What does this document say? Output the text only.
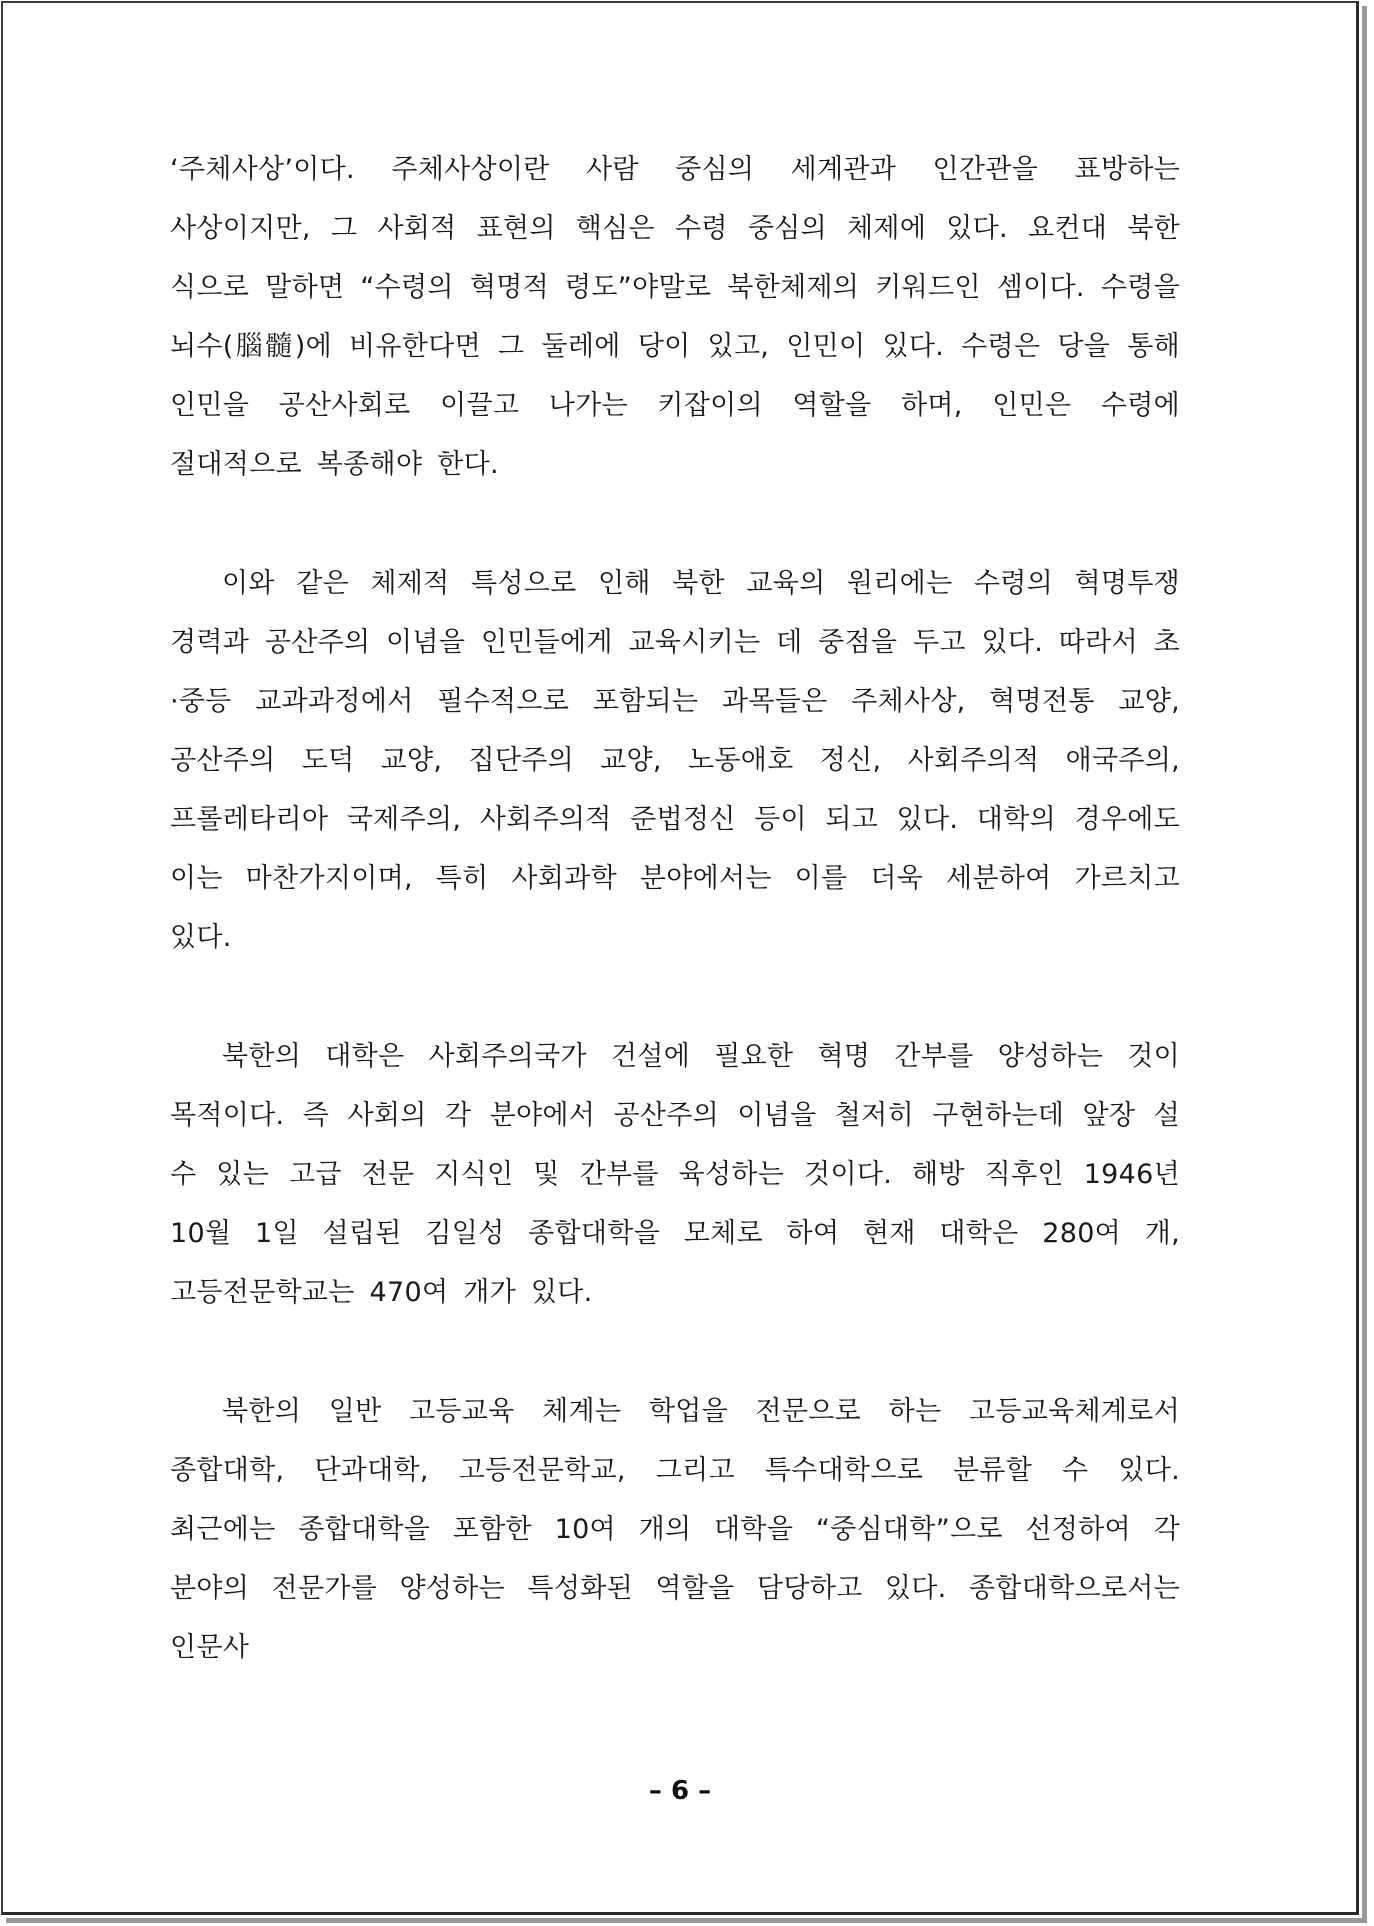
‘주체사상’이다. 주체사상이란 사람 중심의 세계관과 인간관을 표방하는 사상이지만, 그 사회적 표현의 핵심은 수령 중심의 체제에 있다. 요컨대 북한 식으로 말하면 “수령의 혁명적 령도”야말로 북한체제의 키워드인 셈이다. 수령을 뇌수(腦髓)에 비유한다면 그 둘레에 당이 있고, 인민이 있다. 수령은 당을 통해 인민을 공산사회로 이끌고 나가는 키잡이의 역할을 하며, 인민은 수령에 절대적으로 복종해야 한다.

이와 같은 체제적 특성으로 인해 북한 교육의 원리에는 수령의 혁명투쟁 경력과 공산주의 이념을 인민들에게 교육시키는 데 중점을 두고 있다. 따라서 초·중등 교과과정에서 필수적으로 포함되는 과목들은 주체사상, 혁명전통 교양, 공산주의 도덕 교양, 집단주의 교양, 노동애호 정신, 사회주의적 애국주의, 프롤레타리아 국제주의, 사회주의적 준법정신 등이 되고 있다. 대학의 경우에도 이는 마찬가지이며, 특히 사회과학 분야에서는 이를 더욱 세분하여 가르치고 있다.

북한의 대학은 사회주의국가 건설에 필요한 혁명 간부를 양성하는 것이 목적이다. 즉 사회의 각 분야에서 공산주의 이념을 철저히 구현하는데 앞장 설 수 있는 고급 전문 지식인 및 간부를 육성하는 것이다. 해방 직후인 1946년 10월 1일 설립된 김일성 종합대학을 모체로 하여 현재 대학은 280여 개, 고등전문학교는 470여 개가 있다.

북한의 일반 고등교육 체계는 학업을 전문으로 하는 고등교육체계로서 종합대학, 단과대학, 고등전문학교, 그리고 특수대학으로 분류할 수 있다. 최근에는 종합대학을 포함한 10여 개의 대학을 “중심대학”으로 선정하여 각 분야의 전문가를 양성하는 특성화된 역할을 담당하고 있다. 종합대학으로서는 인문사

– 6 –
